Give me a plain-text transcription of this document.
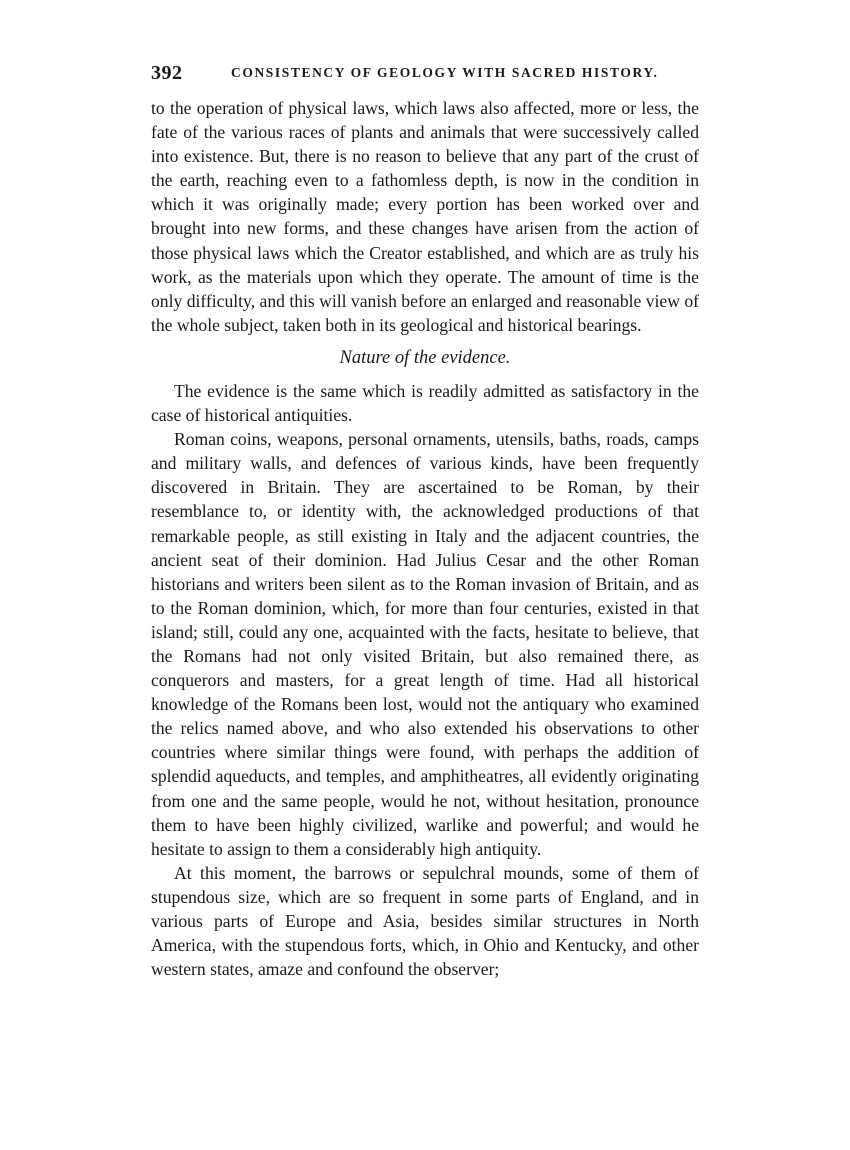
392	CONSISTENCY OF GEOLOGY WITH SACRED HISTORY.

to the operation of physical laws, which laws also affected, more or less, the fate of the various races of plants and animals that were successively called into existence. But, there is no reason to believe that any part of the crust of the earth, reaching even to a fathomless depth, is now in the condition in which it was originally made; every portion has been worked over and brought into new forms, and these changes have arisen from the action of those physical laws which the Creator established, and which are as truly his work, as the materials upon which they operate. The amount of time is the only difficulty, and this will vanish before an enlarged and reasonable view of the whole subject, taken both in its geological and historical bearings.

Nature of the evidence.

The evidence is the same which is readily admitted as satisfactory in the case of historical antiquities.

Roman coins, weapons, personal ornaments, utensils, baths, roads, camps and military walls, and defences of various kinds, have been frequently discovered in Britain. They are ascertained to be Roman, by their resemblance to, or identity with, the acknowledged productions of that remarkable people, as still existing in Italy and the adjacent countries, the ancient seat of their dominion. Had Julius Cesar and the other Roman historians and writers been silent as to the Roman invasion of Britain, and as to the Roman dominion, which, for more than four centuries, existed in that island; still, could any one, acquainted with the facts, hesitate to believe, that the Romans had not only visited Britain, but also remained there, as conquerors and masters, for a great length of time. Had all historical knowledge of the Romans been lost, would not the antiquary who examined the relics named above, and who also extended his observations to other countries where similar things were found, with perhaps the addition of splendid aqueducts, and temples, and amphitheatres, all evidently originating from one and the same people, would he not, without hesitation, pronounce them to have been highly civilized, warlike and powerful; and would he hesitate to assign to them a considerably high antiquity.

At this moment, the barrows or sepulchral mounds, some of them of stupendous size, which are so frequent in some parts of England, and in various parts of Europe and Asia, besides similar structures in North America, with the stupendous forts, which, in Ohio and Kentucky, and other western states, amaze and confound the observer;
